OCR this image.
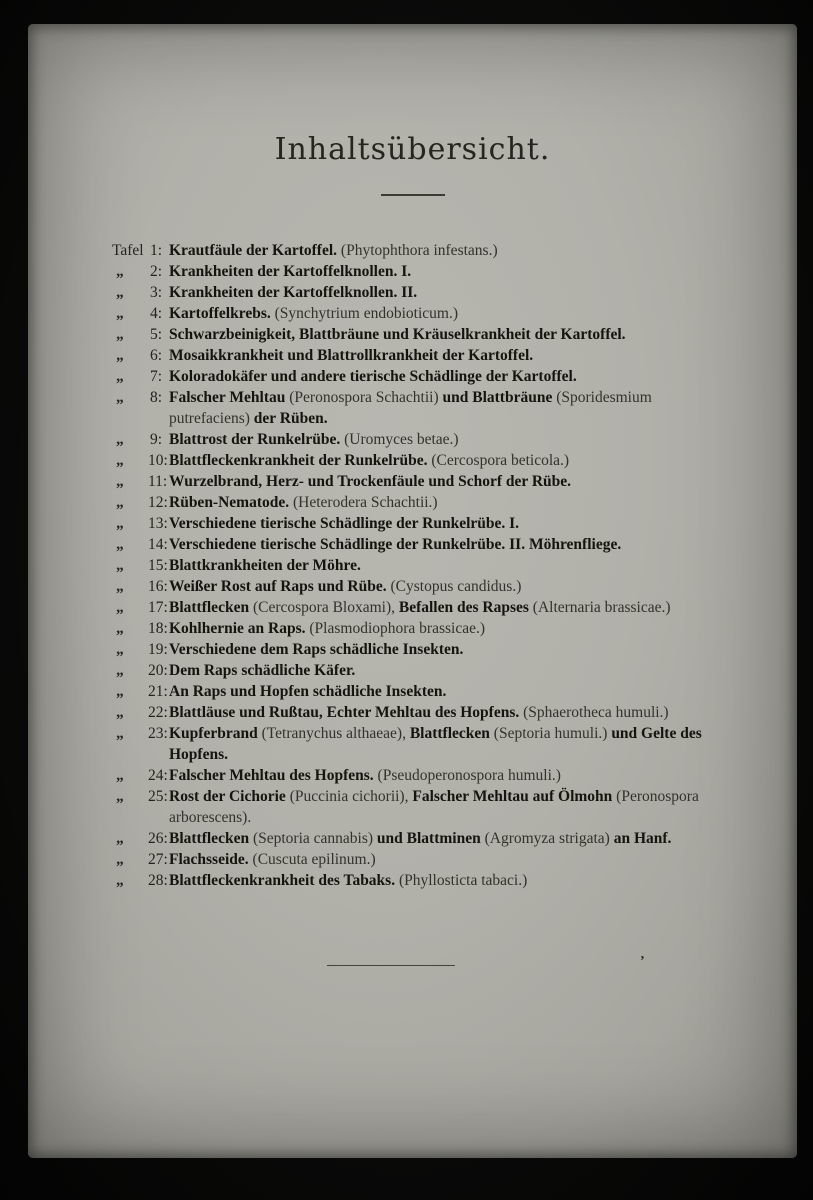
Inhaltsübersicht.
Tafel 1: Krautfäule der Kartoffel. (Phytophthora infestans.)
„	2: Krankheiten der Kartoffelknollen. I.
„	3: Krankheiten der Kartoffelknollen. II.
„	4: Kartoffelkrebs. (Synchytrium endobioticum.)
„	5: Schwarzbeinigkeit, Blattbräune und Kräuselkrankheit der Kartoffel.
„	6: Mosaikkrankheit und Blattrollkrankheit der Kartoffel.
„	7: Koloradokäfer und andere tierische Schädlinge der Kartoffel.
„	8: Falscher Mehltau (Peronospora Schachtii) und Blattbräune (Sporidesmium putrefaciens) der Rüben.
„	9: Blattrost der Runkelrübe. (Uromyces betae.)
„	10: Blattfleckenkrankheit der Runkelrübe. (Cercospora beticola.)
„	11: Wurzelbrand, Herz- und Trockenfäule und Schorf der Rübe.
„	12: Rüben-Nematode. (Heterodera Schachtii.)
„	13: Verschiedene tierische Schädlinge der Runkelrübe. I.
„	14: Verschiedene tierische Schädlinge der Runkelrübe. II. Möhrenfliege.
„	15: Blattkrankheiten der Möhre.
„	16: Weißer Rost auf Raps und Rübe. (Cystopus candidus.)
„	17: Blattflecken (Cercospora Bloxami), Befallen des Rapses (Alternaria brassicae.)
„	18: Kohlhernie an Raps. (Plasmodiophora brassicae.)
„	19: Verschiedene dem Raps schädliche Insekten.
„	20: Dem Raps schädliche Käfer.
„	21: An Raps und Hopfen schädliche Insekten.
„	22: Blattläuse und Rußtau, Echter Mehltau des Hopfens. (Sphaerotheca humuli.)
„	23: Kupferbrand (Tetranychus althaeae), Blattflecken (Septoria humuli.) und Gelte des Hopfens.
„	24: Falscher Mehltau des Hopfens. (Pseudoperonospora humuli.)
„	25: Rost der Cichorie (Puccinia cichorii), Falscher Mehltau auf Ölmohn (Peronospora arborescens).
„	26: Blattflecken (Septoria cannabis) und Blattminen (Agromyza strigata) an Hanf.
„	27: Flachsseide. (Cuscuta epilinum.)
„	28: Blattfleckenkrankheit des Tabaks. (Phyllosticta tabaci.)
ʼ
